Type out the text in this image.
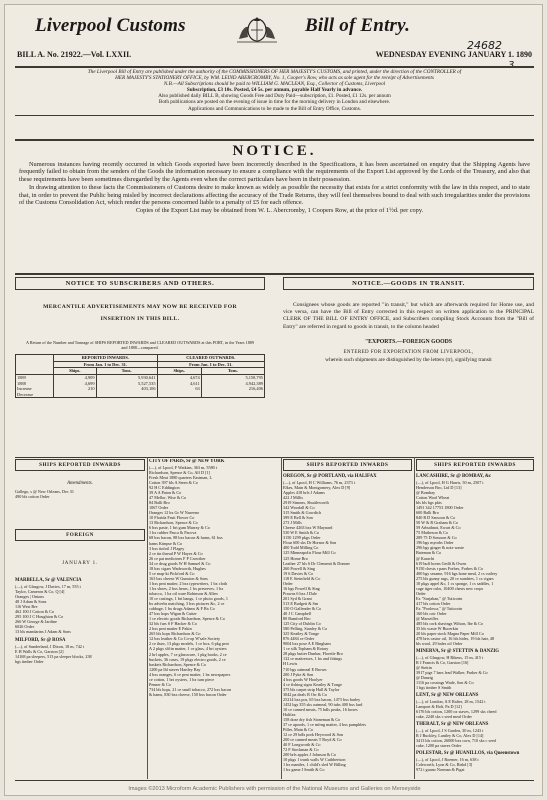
Liverpool Customs	Bill of Entry.
24682
BILL A. No. 21922.—Vol. LXXII.	WEDNESDAY EVENING JANUARY 1. 1890
The Liverpool Bill of Entry are published under the authority of the COMMISSIONERS OF HER MAJESTY'S CUSTOMS, and printed, under the direction of the CONTROLLER of
HER MAJESTY'S STATIONERY OFFICE, by WM. LEIND ABERCROMBY, No. 1, Cooper's Row, who acts as sole agent for the receipt of Advertisements
N.B.—All Subscriptions should be paid to WILLIAM G. MACLEAN, Esq., Collector of Customs, Liverpool
Subscription, £3 10s. Posted, £4 5s. per annum, payable Half Yearly in advance.
Also published daily BILL B, showing Goods Free and Duty Paid—subscription, £1. Posted, £1 12s. per annum
Both publications are posted on the evening of issue in time for the morning delivery in London and elsewhere.
Applications and Communications to be made to the Bill of Entry Office, Customs.
NOTICE.

Numerous instances having recently occurred in which Goods exported have been incorrectly described in the Specifications, it has been ascertained on enquiry that the Shipping Agents have frequently failed to obtain from the senders of the Goods the information necessary to ensure a compliance with the requirements of the Export List approved by the Lords of the Treasury, and also that these requirements have been sometimes disregarded by the Agents even when the correct particulars have been in their possession.

In drawing attention to these facts the Commissioners of Customs desire to make known as widely as possible the necessity that exists for a strict conformity with the law in this respect, and to state that, in order to prevent the Public being misled by incorrect declarations affecting the accuracy of the Trade Returns, they will feel themselves bound to deal with such irregularities under the provisions of the Customs Consolidation Act, which render the persons concerned liable to a penalty of £5 for each offence.

Copies of the Export List may be obtained from W. L. Abercromby, 1 Coopers Row, at the price of 1½d. per copy.

NOTICE TO SUBSCRIBERS AND OTHERS.
MERCANTILE ADVERTISEMENTS MAY NOW BE RECEIVED FOR
INSERTION IN THIS BILL.
A Return of the Number and Tonnage of SHIPS REPORTED INWARDS and CLEARED OUTWARDS at this PORT, in the Years 1889 and 1888—compared.
	REPORTED INWARDS.		CLEARED OUTWARDS.	
	From Jan. 1 to Dec. 31.		From Jan. 1 to Dec. 31.	
	Ships.	Tons.	Ships.	Tons.
1889	4,909	5,930,641	4,674	5,158,795
1888	4,699	5,527,535	4,611	4,942,389
Increase	210	403,106	63	216,406
Decrease				
NOTICE.—GOODS IN TRANSIT.
Consignees whose goods are reported "in transit," but which are afterwards required for Home use, and vice versa, can have the Bill of Entry corrected in this respect on written application to the PRINCIPAL CLERK OF THE BILL OF ENTRY OFFICE, and Subscribers compiling Stock Accounts from the "Bill of Entry" are referred in regard to goods in transit, to the column headed
"EXPORTS.—FOREIGN GOODS
ENTERED FOR EXPORTATION FROM LIVERPOOL,
wherein such shipments are distinguished by the letters (tr), signifying transit
SHIPS REPORTED INWARDS
Amendments.
Gallego, s @ New Orleans, Dec 31
490 bls cotton Order
FOREIGN
JANUARY 1.
MARBELLA, Sr @ VALENCIA
(—), of Glasgow, J Davies, 17 m, 555 t
Taylor, Cameron & Co, Q [4]
Oranges | Onions
48 J Adam & Sons
116 West Bre
462 100 J Cotton & Co
295 100 J C Houghton & Co
266 W George & Jardine
6026 Order
13 bls mandarins J Adam & Sons
MILFORD, Sr @ ROSA
(—), of Sunderland, J Dixon, 18 m, 742 t
E H Walls & Co, Garston [2]
14168 pa sleepers, 513 pa sleeper blocks, 238
bgs timber Order
CITY OF PARIS, Sr @ NEW YORK
(—), of Lpool, F Watkins, 363 m, 5580 t
Richardson, Spence & Co, Alf D [1]
Fresh Meat 1880 quarters Eastman, L
Cotton 397 bls A Steen & Co
92 H C Eddington
39 A A Paton & Co
47 Mellor, Wise & Co
84 Balli Bro
1067 Order
Oranges 12 bx Gr W Naseeno
10 Florida Fruit Flower Co
13 Richardson, Spence & Co
6 bxs paste, 1 bri gum Murray & Co
1 bx rubber Pasca & Pacova
68 bxs bacon, 88 bxs bacon & hams, 61 bxs
hams Kimpse & Co
3 bxs tinfoil J Flagey
2 ce tin thread P W Hayes & Co
26 ce pat medicines F P Crowther
34 ce drug goods W H Samuel & Co
18 bxs cigars Wadsworth, Hughes
5 ce map-kt Pickford & Co
163 bxs cheese W Gunston & Sons
1 bxs prnt matter, 2 bxs typewriters, 1 bx cloth
1 bx shoes, 2 bxs hears, 1 bx preserves, 1 bx
tobacco, 1 bx oil ware Robinson & Allen
10 ce castings, 1 bri hangs, 1 ce photo goods, 1
bx adverbs matching, 3 bxs pictures &c, 2 ce
cabbage, 1 bx drugs Adams & F Bx Co
47 bxs hops Wigan & Cutter
1 ce electric goods Richardson, Spence & Co
32 bls furs S F Hacker & Co
2 bxs prnt matter E Pakin
265 bls hops Richardson & Co
12 bxs leather & Co Co-op W'sale Society
2 ce thaw, 13 pkgs models, 1 ce box, 6 pkg prnt
A 2 pkgs sh'tin matter, 1 ce glass, 4 bri oysters
2 brl apples, 7 ce glassware, 1 pkg books, 2 ce
buckets, 36 cases, 19 pkgs electro goods, 2 ce
baskets Richardson, Spence & Co
1200 pa lbl staves Hartley Bay
4 bxs oranges, 6 ce prnt matter, 1 bx newspapers
ce cotton, 1 bri oysters, 1 bx turn piece
Penner & Co
734 bls hops, 21 ce snuff tobacco, 272 bxs bacon
& hams, 830 bxs cheese, 150 bxs bacon Order
SHIPS REPORTED INWARDS
OREGON, Sr @ PORTLAND, via HALIFAX
(—), of Lpool, H C Williams, 76 m, 2373 t
Elkes, Main & Montgomery, Alex D [9]
Apples 418 brls J Adams
422 J Millis
2919 Simons, Shuttleworth
342 Woodall & Co
315 Smith & Gowdich
399 E Bell & Son
273 J Mills
Cheese 4263 bxs W Maynard
530 W E Smith & Co
3150 1299 pkgs Order
Flour 600 sks Dr Hornor & Son
400 Todd Milling Co
125 Minneapolis Flour Mill Co
125 Home Bro
Leather 27 bls 6 Dr Clementi & Donner
260 Powell & Sing
19 6 Davies & Co
118 E Steinfield & Co
Order
16 bgs Powell & Sing
Prawns 6 bxs J Dale
201 Syd & Grant
513 E Budgett & Sm
150 O Gallender & Co
40 J C Campbell
80 Bamford Bro
125 City of Dublin Co
580 Pelling, Stanley & Co
325 Keatley & Tonge
876 4484 ce Order
9004 bxs pose A E Bingham
1 ce silk Topham & Rotary
28 pkgs butter Dunbar, Floretle Bro
132 ce mattresses, 1 bx and fittings
H Lewis
710 bgs oatmeal E Brown
200 J Pyke & Son
4 bxs goods W Hoolyer
4 ce fishing signs Keatley & Tonge
375 bls carpet strip Hall & Taylor
3042 pa deals R Orr & Co
25214 bxs pos, 65 bxs bacon, 1473 bxs barley
1452 bgs 355 sks oatmeal, 90 tubs 400 bxs lard
10 ce canned meats, 75 bdls peaks, 16 boxes
Halifax
158 doze dry fish Stoneman & Co
37 ce apoods, 1 ce mfrng matter, 4 bxs pamphlets
Piller, Main & Co
12 ce 29 bdls pork Heywood & Son
200 ce canned meats T Boyd & Co
40 F Longworth & Co
72 F Stockman & Co
200 brls apples J Johnson & Co
10 pkgs 1 trunk walls W Cuthbertson
1 bx mantles, 1 child's sled W Billing
1 bx game J Smith & Co
SHIPS REPORTED INWARDS
LANCASHIRE, Sr @ BOMBAY, &c
(—), of Lpool, H G Harris, 50 m, 2507 t
Henderson Bro, Ltd D [13]
@ Bombay
Cotton Wool Wheat
bls bls bgs pkts
1491 342 17753 1800 Order
600 Balli Bro
840 R D Sassoon & Co
50 W & R Graham & Co
59 Arbuthnot, Ewart & Co
75 Matheson & Co
289 75 D Sassoon & Co
196 bgs myrobs Order
296 bgs ginger & note waste
Bateman & Co
@ Karachi
619 buff horns Gedli & Owen
9150 chests r pans Forbes, Forbes & Co
400 bgs sesame, 916 bgs bone meal, 2 cs cutlery
275 bls gunny rags, 20 ce sundries, 1 cs cigars
10 pkgs appel &c, 1 cs sponge, 1 cs saddles, 1
cage tiger cubs, 10400 chests new crops
Order
Ex "Surjahan," @ Tuticorin
417 bls cotton Order
Ex "Poolowa," @ Tuticorin
160 bls coir Order
@ Marseilles
485 bls cork shavings Wilson, Ibe & Co
35 bls waste W Bucerkin
20 bls paper stock Magna Paper Mill Co
478 bris castor oil, 16 bls hides, 19 bls hair, 48
bls wool, 29 bales oil Order
MINERVA, Sr @ STETTIN & DANZIG
(—), of Glasgow, H Rikeus, 15 m, 415 t
R J Francis & Co, Garston [16]
@ Stettin
3917 pigs 7 bars lead Walker, Parker & Co
@ Danzig
1116 pa cossings Wade, Son & Co
1 bgs timber S Smith
LENT, Sr @ NEW ORLEANS
(—), of London, A E Rafter, 28 m, 1542 t
Lamport & Holt, Pa D [12]
6176 bls cotton, 1200 ox staves, 1299 sks cheed
cake, 2240 sks c seed meal Order
THERALT, Sr @ NEW ORLEANS
(—), of Lpool, J S Garden, 30 m, 1243 t
R J Buckley, Lantley & Co, Alex D [14]
3413 bls cotton, 26000 bxs corn, 710 sks c seed
cake, 1200 pa staves Order
POLESTAR, Sr @ HUANILLOS, via Queenstown
(—), of Lpool, J Roemer, 16 m, 638 t
Coleworth, Lyon & Co, Birkd [3]
972 t guano Norman & Pigat
Images ©2013 Microform Academic Publishers with permission of the National Museums and Galleries on Merseyside
